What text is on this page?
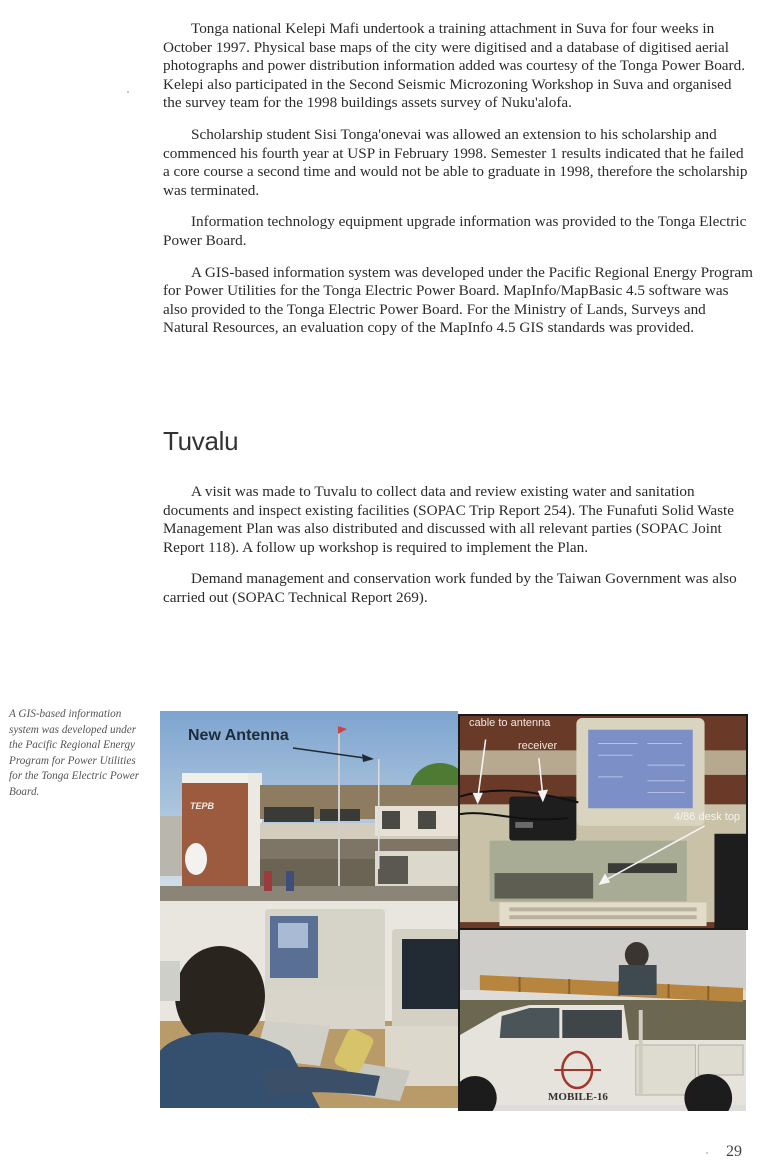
Tonga national Kelepi Mafi undertook a training attachment in Suva for four weeks in October 1997. Physical base maps of the city were digitised and a database of digitised aerial photographs and power distribution information added was courtesy of the Tonga Power Board. Kelepi also participated in the Second Seismic Microzoning Workshop in Suva and organised the survey team for the 1998 buildings assets survey of Nuku'alofa.

Scholarship student Sisi Tonga'onevai was allowed an extension to his scholarship and commenced his fourth year at USP in February 1998. Semester 1 results indicated that he failed a core course a second time and would not be able to graduate in 1998, therefore the scholarship was terminated.

Information technology equipment upgrade information was provided to the Tonga Electric Power Board.

A GIS-based information system was developed under the Pacific Regional Energy Program for Power Utilities for the Tonga Electric Power Board. MapInfo/MapBasic 4.5 software was also provided to the Tonga Electric Power Board. For the Ministry of Lands, Surveys and Natural Resources, an evaluation copy of the MapInfo 4.5 GIS standards was provided.

Tuvalu

A visit was made to Tuvalu to collect data and review existing water and sanitation documents and inspect existing facilities (SOPAC Trip Report 254). The Funafuti Solid Waste Management Plan was also distributed and discussed with all relevant parties (SOPAC Joint Report 118). A follow up workshop is required to implement the Plan.

Demand management and conservation work funded by the Taiwan Government was also carried out (SOPAC Technical Report 269).

A GIS-based information system was developed under the Pacific Regional Energy Program for Power Utilities for the Tonga Electric Power Board.
New Antenna
TEPB
cable to antenna
receiver
4/86 desk top
MOBILE-16
29
